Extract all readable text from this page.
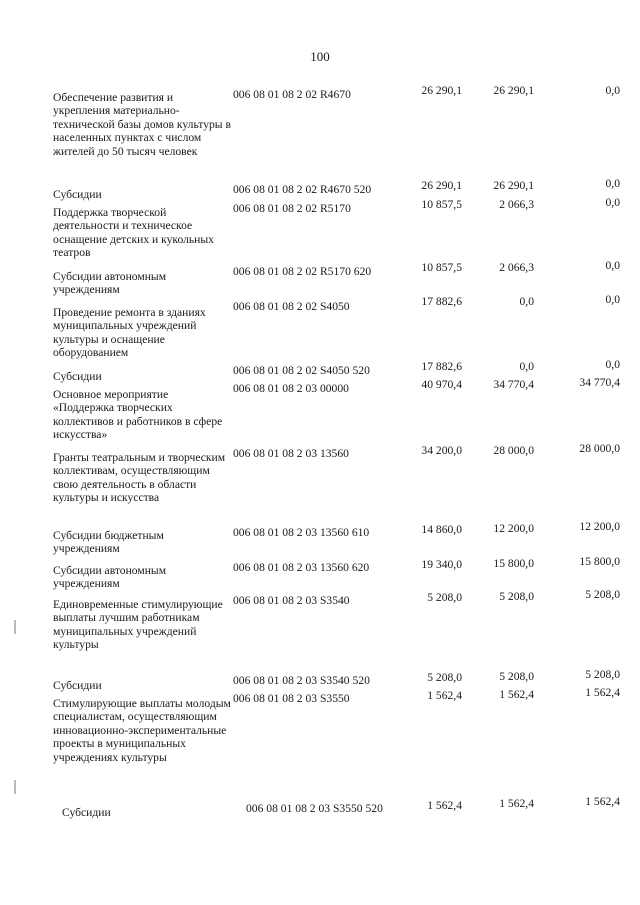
100
Обеспечение развития и укрепления материально-технической базы домов культуры в населенных пунктах с числом жителей до 50 тысяч человек
006 08 01 08 2 02 R4670	26 290,1	26 290,1	0,0
Субсидии	006 08 01 08 2 02 R4670 520	26 290,1	26 290,1	0,0
Поддержка творческой деятельности и техническое оснащение детских и кукольных театров
006 08 01 08 2 02 R5170	10 857,5	2 066,3	0,0
Субсидии автономным учреждениям
006 08 01 08 2 02 R5170 620	10 857,5	2 066,3	0,0
Проведение ремонта в зданиях муниципальных учреждений культуры и оснащение оборудованием
006 08 01 08 2 02 S4050	17 882,6	0,0	0,0
Субсидии	006 08 01 08 2 02 S4050 520	17 882,6	0,0	0,0
Основное мероприятие «Поддержка творческих коллективов и работников в сфере искусства»
006 08 01 08 2 03 00000	40 970,4	34 770,4	34 770,4
Гранты театральным и творческим коллективам, осуществляющим свою деятельность в области культуры и искусства
006 08 01 08 2 03 13560	34 200,0	28 000,0	28 000,0
Субсидии бюджетным учреждениям
006 08 01 08 2 03 13560 610	14 860,0	12 200,0	12 200,0
Субсидии автономным учреждениям
006 08 01 08 2 03 13560 620	19 340,0	15 800,0	15 800,0
Единовременные стимулирующие выплаты лучшим работникам муниципальных учреждений культуры
006 08 01 08 2 03 S3540	5 208,0	5 208,0	5 208,0
Субсидии	006 08 01 08 2 03 S3540 520	5 208,0	5 208,0	5 208,0
Стимулирующие выплаты молодым специалистам, осуществляющим инновационно-экспериментальные проекты в муниципальных учреждениях культуры
006 08 01 08 2 03 S3550	1 562,4	1 562,4	1 562,4
Субсидии	006 08 01 08 2 03 S3550 520	1 562,4	1 562,4	1 562,4
